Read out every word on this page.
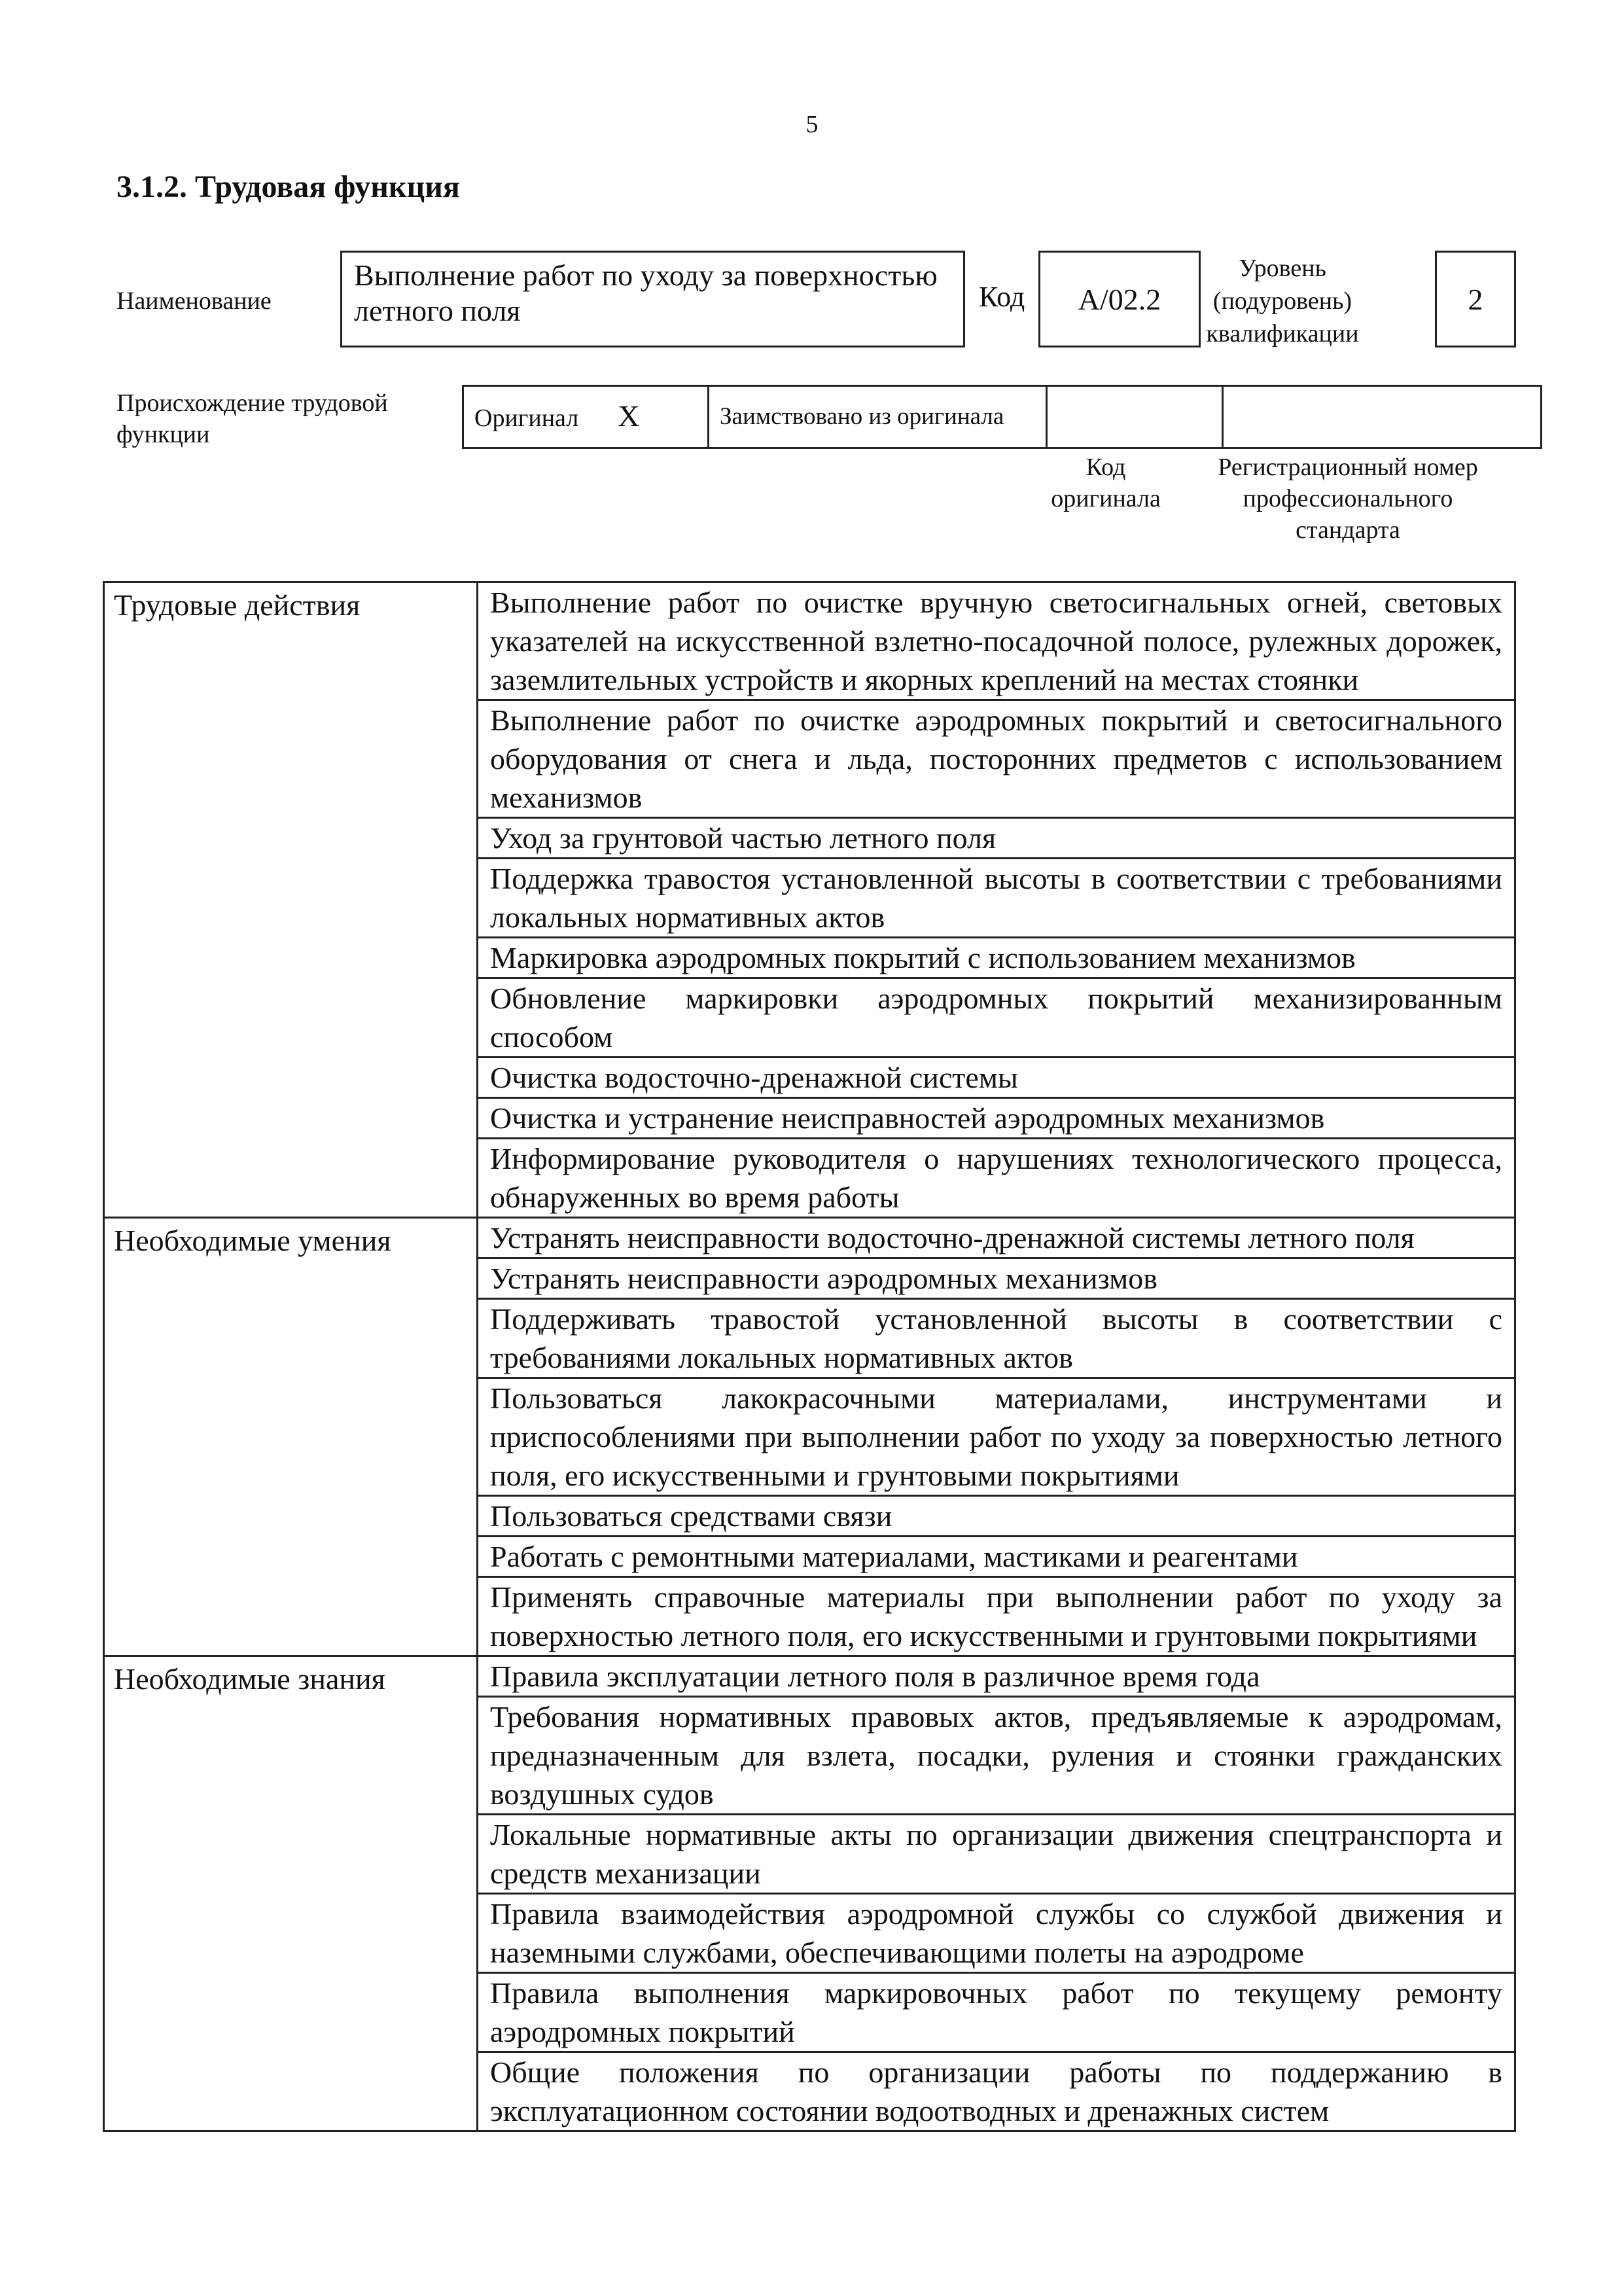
5
3.1.2. Трудовая функция
Наименование
Выполнение работ по уходу за поверхностью летного поля	Код	А/02.2
Уровень (подуровень) квалификации
2
Происхождение трудовой функции
Оригинал X	Заимствовано из оригинала		
Код оригинала
Регистрационный номер профессионального стандарта
Трудовые действия	Выполнение работ по очистке вручную светосигнальных огней, световых указателей на искусственной взлетно-посадочной полосе, рулежных дорожек, заземлительных устройств и якорных креплений на местах стоянки
	Выполнение работ по очистке аэродромных покрытий и светосигнального оборудования от снега и льда, посторонних предметов с использованием механизмов
	Уход за грунтовой частью летного поля
	Поддержка травостоя установленной высоты в соответствии с требованиями локальных нормативных актов
	Маркировка аэродромных покрытий с использованием механизмов
	Обновление маркировки аэродромных покрытий механизированным способом
	Очистка водосточно-дренажной системы
	Очистка и устранение неисправностей аэродромных механизмов
	Информирование руководителя о нарушениях технологического процесса, обнаруженных во время работы
Необходимые умения	Устранять неисправности водосточно-дренажной системы летного поля
	Устранять неисправности аэродромных механизмов
	Поддерживать травостой установленной высоты в соответствии с требованиями локальных нормативных актов
	Пользоваться лакокрасочными материалами, инструментами и приспособлениями при выполнении работ по уходу за поверхностью летного поля, его искусственными и грунтовыми покрытиями
	Пользоваться средствами связи
	Работать с ремонтными материалами, мастиками и реагентами
	Применять справочные материалы при выполнении работ по уходу за поверхностью летного поля, его искусственными и грунтовыми покрытиями
Необходимые знания	Правила эксплуатации летного поля в различное время года
	Требования нормативных правовых актов, предъявляемые к аэродромам, предназначенным для взлета, посадки, руления и стоянки гражданских воздушных судов
	Локальные нормативные акты по организации движения спецтранспорта и средств механизации
	Правила взаимодействия аэродромной службы со службой движения и наземными службами, обеспечивающими полеты на аэродроме
	Правила выполнения маркировочных работ по текущему ремонту аэродромных покрытий
	Общие положения по организации работы по поддержанию в эксплуатационном состоянии водоотводных и дренажных систем
